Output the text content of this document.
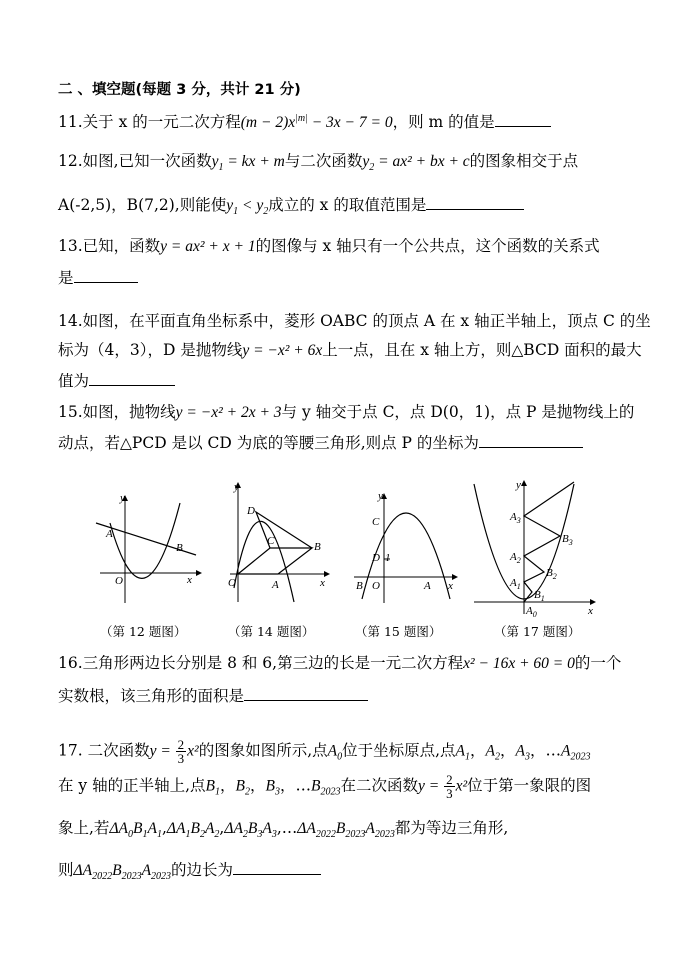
二 、填空题(每题 3 分，共计 21 分)
11.关于 x 的一元二次方程$(m - 2)x^{|m|} - 3x - 7 = 0$，则 m 的值是
12.如图,已知一次函数$y_1$ = kx + m与二次函数$y_2 = ax^2$ + bx + c的图象相交于点
A(-2,5)，B(7,2),则能使$y_1 < y_2$成立的 x 的取值范围是
13.已知，函数y = ax² + x + 1的图像与 x 轴只有一个公共点，这个函数的关系式
是
14.如图，在平面直角坐标系中，菱形 OABC 的顶点 A 在 x 轴正半轴上，顶点 C 的坐
标为（4，3），D 是抛物线y = −x² + 6x上一点，且在 x 轴上方，则△BCD 面积的最大
值为
15.如图，抛物线y = −x² + 2x + 3与 y 轴交于点 C，点 D(0，1)，点 P 是抛物线上的
动点，若△PCD 是以 CD 为底的等腰三角形,则点 P 的坐标为
y
x
O
A
B
y
x
O	A
B
C
D
y
x
O	A
B
C
D 1
y
x
$A_0$
$A_1$
$A_2$
$A_3$
$B_1$
$B_2$
$B_3$
（第 12 题图）	（第 14 题图）	（第 15 题图）	（第 17 题图）
16.三角形两边长分别是 8 和 6,第三边的长是一元二次方程x² − 16x + 60 = 0的一个
实数根，该三角形的面积是
17. 二次函数$y = \frac{2}{3} x^2$的图象如图所示,点$A_0$位于坐标原点,点$A_1$，$A_2$，$A_3$，$\dots A_{2023}$
在 y 轴的正半轴上,点$B_1$，$B_2$，$B_3$，$\dots B_{2023}$在二次函数$y = \frac{2}{3} x^2$位于第一象限的图
象上,若$\Delta A_0B_1A_1,\Delta A_1B_2A_2,\Delta A_2B_3A_3,\dots\Delta A_{2022}B_{2023}A_{2023}$都为等边三角形,
则$\Delta A_{2022}B_{2023}A_{2023}$的边长为
